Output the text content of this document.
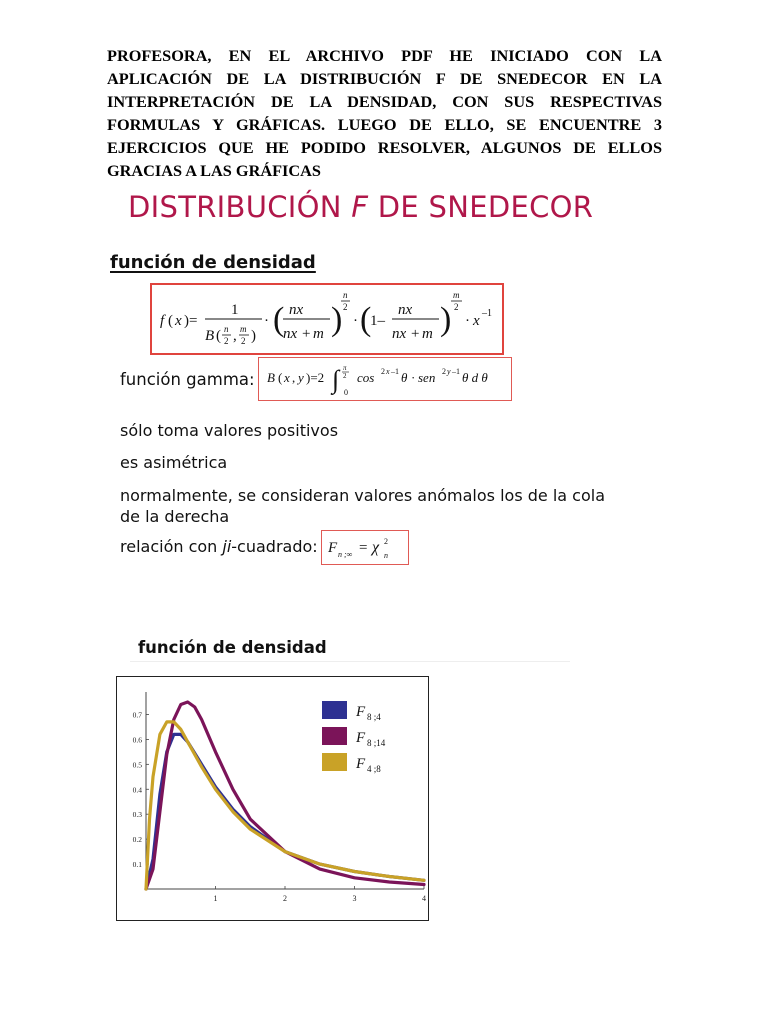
PROFESORA, EN EL ARCHIVO PDF HE INICIADO CON LA APLICACIÓN DE LA DISTRIBUCIÓN F DE SNEDECOR EN LA INTERPRETACIÓN DE LA DENSIDAD, CON SUS RESPECTIVAS FORMULAS Y GRÁFICAS. LUEGO DE ELLO, SE ENCUENTRE 3 EJERCICIOS QUE HE PODIDO RESOLVER, ALGUNOS DE ELLOS GRACIAS A LAS GRÁFICAS
DISTRIBUCIÓN F DE SNEDECOR
función de densidad
f ( x )=
1
B ( n
2 , m
2 )
· ( nx
nx + m )
n
2
· (
1–
nx
nx + m )
m
2
· x –1
función gamma: B ( x , y )=2 ∫ π
2
0
cos 2 x –1 θ · sen 2 y –1 θ d θ
sólo toma valores positivos
es asimétrica
normalmente, se consideran valores anómalos los de la cola
de la derecha
relación con ji-cuadrado: F n ;∞ = χ 2
n
función de densidad
0.1
0.2
0.3
0.4
0.5
0.6
0.7
1	2	3	4
F 8 ;4
F 8 ;14
F 4 ;8
